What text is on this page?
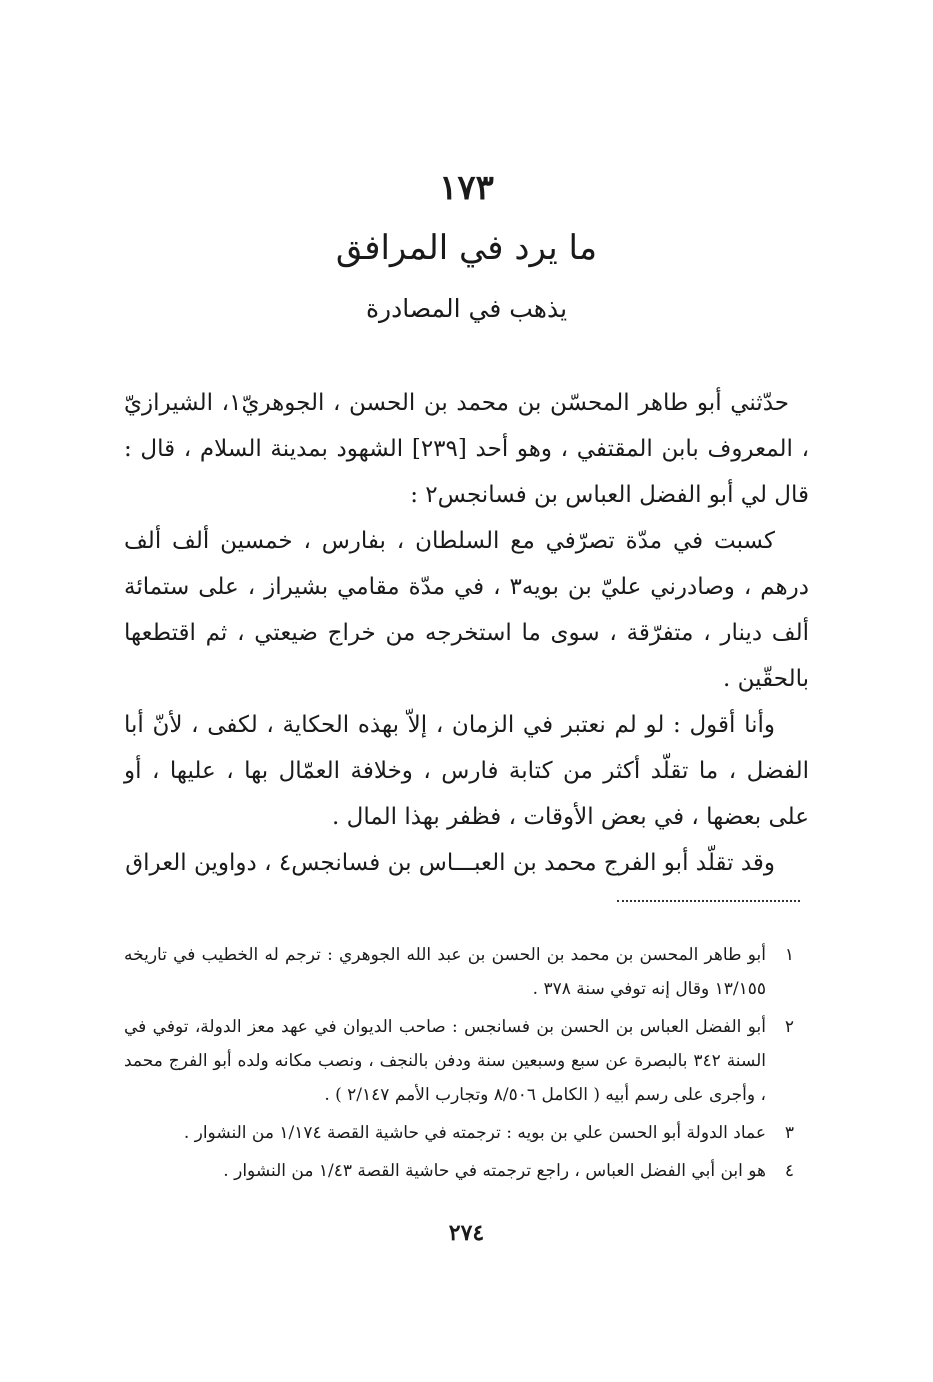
١٧٣
ما يرد في المرافق
يذهب في المصادرة

حدّثني أبو طاهر المحسّن بن محمد بن الحسن ، الجوهريّ١، الشيرازيّ ، المعروف بابن المقتفي ، وهو أحد [٢٣٩] الشهود بمدينة السلام ، قال : قال لي أبو الفضل العباس بن فسانجس٢ :

كسبت في مدّة تصرّفي مع السلطان ، بفارس ، خمسين ألف ألف درهم ، وصادرني عليّ بن بويه٣ ، في مدّة مقامي بشيراز ، على ستمائة ألف دينار ، متفرّقة ، سوى ما استخرجه من خراج ضيعتي ، ثم اقتطعها بالحقّين .

وأنا أقول : لو لم نعتبر في الزمان ، إلاّ بهذه الحكاية ، لكفى ، لأنّ أبا الفضل ، ما تقلّد أكثر من كتابة فارس ، وخلافة العمّال بها ، عليها ، أو على بعضها ، في بعض الأوقات ، فظفر بهذا المال .

وقد تقلّد أبو الفرج محمد بن العبـــاس بن فسانجس٤ ، دواوين العراق

١
أبو طاهر المحسن بن محمد بن الحسن بن عبد الله الجوهري : ترجم له الخطيب في تاريخه ١٣/١٥٥ وقال إنه توفي سنة ٣٧٨ .
٢
أبو الفضل العباس بن الحسن بن فسانجس : صاحب الديوان في عهد معز الدولة، توفي في السنة ٣٤٢ بالبصرة عن سبع وسبعين سنة ودفن بالنجف ، ونصب مكانه ولده أبو الفرج محمد ، وأجرى على رسم أبيه ( الكامل ٨/٥٠٦ وتجارب الأمم ٢/١٤٧ ) .
٣
عماد الدولة أبو الحسن علي بن بويه : ترجمته في حاشية القصة ١/١٧٤ من النشوار .
٤
هو ابن أبي الفضل العباس ، راجع ترجمته في حاشية القصة ١/٤٣ من النشوار .
٢٧٤
